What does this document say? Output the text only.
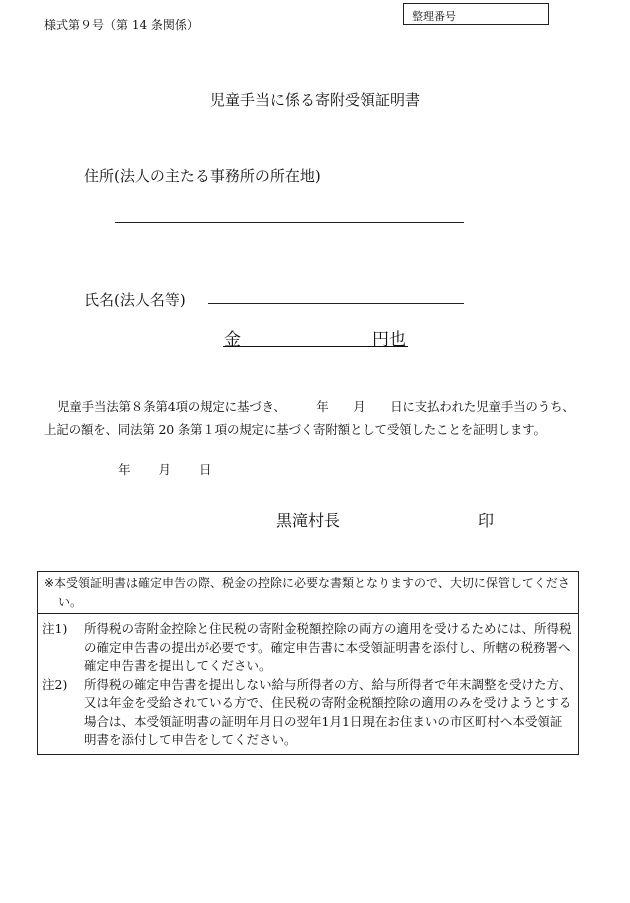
様式第９号（第 14 条関係）
整理番号
児童手当に係る寄附受領証明書
住所(法人の主たる事務所の所在地)
氏名(法人名等)
金	円也
児童手当法第８条第4項の規定に基づき、　　　年　　月　　日に支払われた児童手当のうち、
上記の額を、同法第 20 条第１項の規定に基づく寄附額として受領したことを証明します。
年 月 日
黒滝村長	印
※本受領証明書は確定申告の際、税金の控除に必要な書類となりますので、大切に保管してください。
注1)	所得税の寄附金控除と住民税の寄附金税額控除の両方の適用を受けるためには、所得税の確定申告書の提出が必要です。確定申告書に本受領証明書を添付し、所轄の税務署へ確定申告書を提出してください。
注2)	所得税の確定申告書を提出しない給与所得者の方、給与所得者で年末調整を受けた方、又は年金を受給されている方で、住民税の寄附金税額控除の適用のみを受けようとする場合は、本受領証明書の証明年月日の翌年1月1日現在お住まいの市区町村へ本受領証明書を添付して申告をしてください。
